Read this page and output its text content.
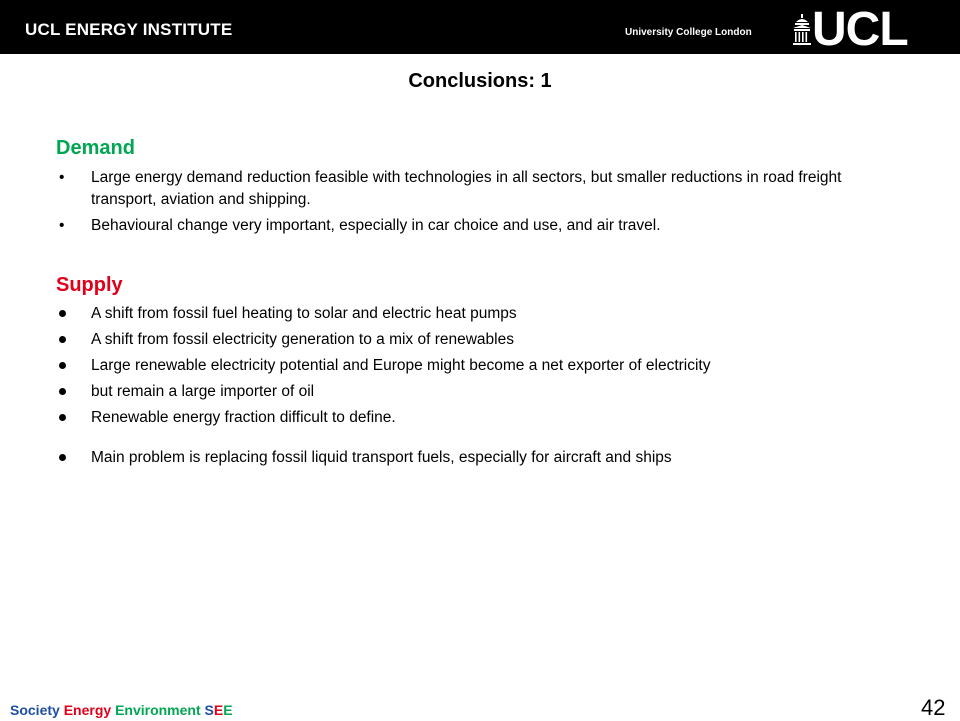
UCL ENERGY INSTITUTE	University College London UCL
Conclusions: 1
Demand
• Large energy demand reduction feasible with technologies in all sectors, but smaller reductions in road freight transport, aviation and shipping.
• Behavioural change very important, especially in car choice and use, and air travel.
Supply
A shift from fossil fuel heating to solar and electric heat pumps
A shift from fossil electricity generation to a mix of renewables
Large renewable electricity potential and Europe might become a net exporter of electricity
but remain a large importer of oil
Renewable energy fraction difficult to define.
Main problem is replacing fossil liquid transport fuels, especially for aircraft and ships
Society Energy Environment SEE	42
